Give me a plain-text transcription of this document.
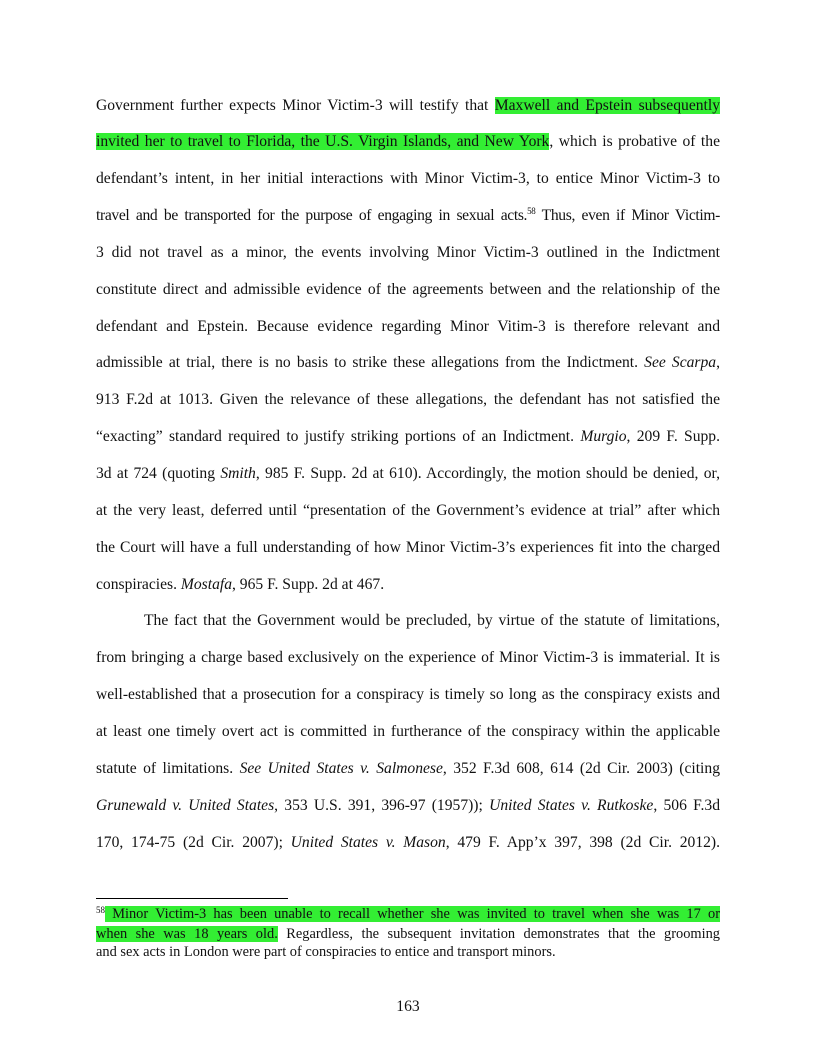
Government further expects Minor Victim-3 will testify that Maxwell and Epstein subsequently
invited her to travel to Florida, the U.S. Virgin Islands, and New York, which is probative of the
defendant’s intent, in her initial interactions with Minor Victim-3, to entice Minor Victim-3 to
travel and be transported for the purpose of engaging in sexual acts.$^{58}$ Thus, even if Minor Victim-
3 did not travel as a minor, the events involving Minor Victim-3 outlined in the Indictment
constitute direct and admissible evidence of the agreements between and the relationship of the
defendant and Epstein. Because evidence regarding Minor Vitim-3 is therefore relevant and
admissible at trial, there is no basis to strike these allegations from the Indictment. See Scarpa,
913 F.2d at 1013. Given the relevance of these allegations, the defendant has not satisfied the
“exacting” standard required to justify striking portions of an Indictment. Murgio, 209 F. Supp.
3d at 724 (quoting Smith, 985 F. Supp. 2d at 610). Accordingly, the motion should be denied, or,
at the very least, deferred until “presentation of the Government’s evidence at trial” after which
the Court will have a full understanding of how Minor Victim-3’s experiences fit into the charged
conspiracies. Mostafa, 965 F. Supp. 2d at 467.
The fact that the Government would be precluded, by virtue of the statute of limitations,
from bringing a charge based exclusively on the experience of Minor Victim-3 is immaterial. It is
well-established that a prosecution for a conspiracy is timely so long as the conspiracy exists and
at least one timely overt act is committed in furtherance of the conspiracy within the applicable
statute of limitations. See United States v. Salmonese, 352 F.3d 608, 614 (2d Cir. 2003) (citing
Grunewald v. United States, 353 U.S. 391, 396-97 (1957)); United States v. Rutkoske, 506 F.3d
170, 174-75 (2d Cir. 2007); United States v. Mason, 479 F. App’x 397, 398 (2d Cir. 2012).
$^{58}$ Minor Victim-3 has been unable to recall whether she was invited to travel when she was 17 or
when she was 18 years old. Regardless, the subsequent invitation demonstrates that the grooming
and sex acts in London were part of conspiracies to entice and transport minors.
163
